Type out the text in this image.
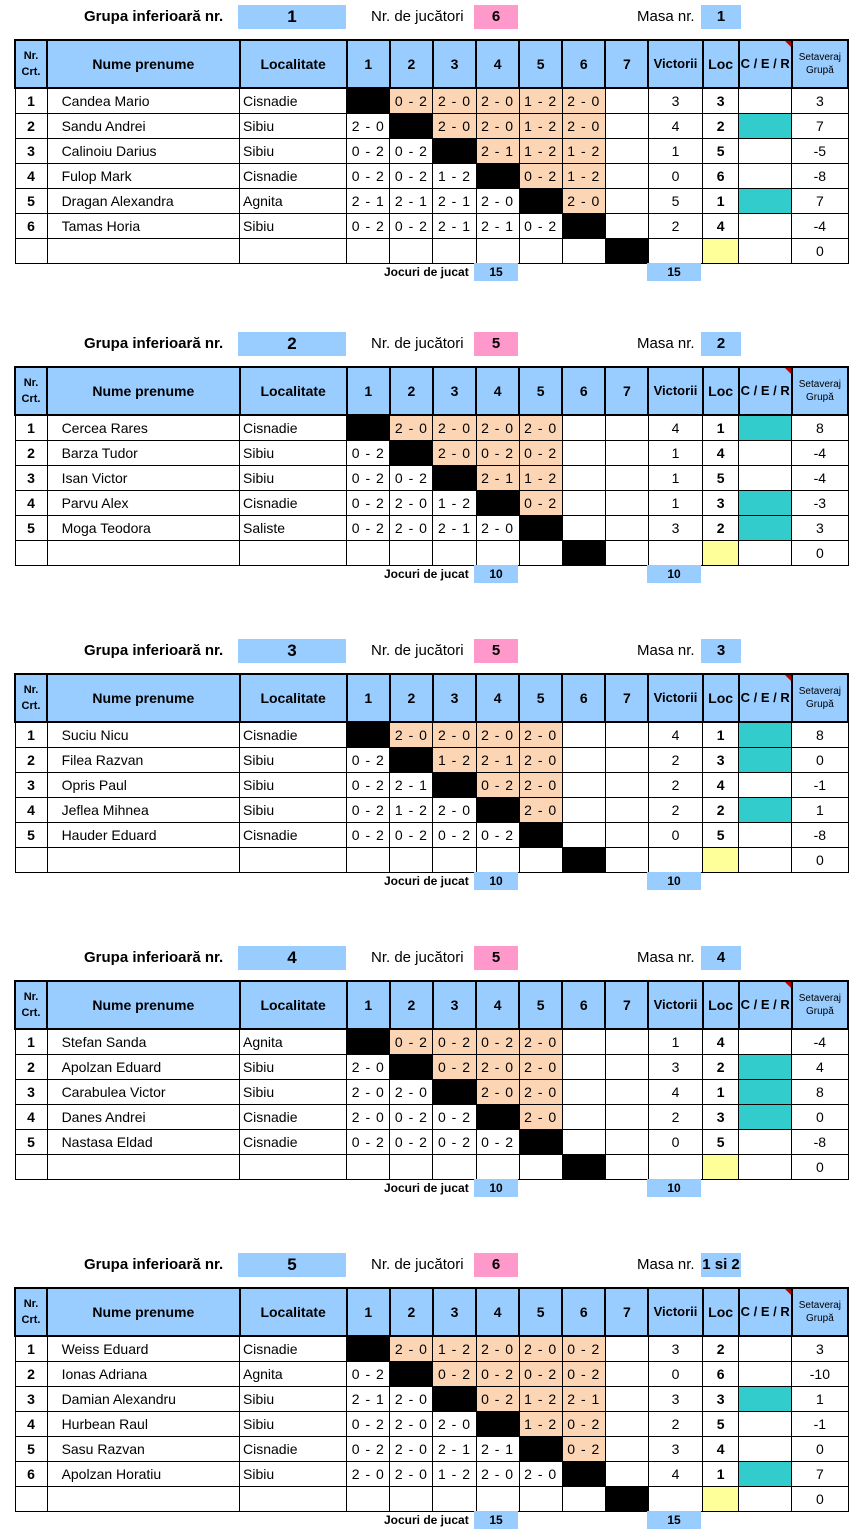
Grupa inferioară nr.	1	Nr. de jucători	6	Masa nr.	1
Nr. Crt.	Nume prenume	Localitate	1	2	3	4	5	6	7	Victorii	Loc	C / E / R	Setaveraj Grupă
1	Candea Mario	Cisnadie		0 - 2	2 - 0	2 - 0	1 - 2	2 - 0		3	3		3
2	Sandu Andrei	Sibiu	2 - 0		2 - 0	2 - 0	1 - 2	2 - 0		4	2		7
3	Calinoiu Darius	Sibiu	0 - 2	0 - 2		2 - 1	1 - 2	1 - 2		1	5		-5
4	Fulop Mark	Cisnadie	0 - 2	0 - 2	1 - 2		0 - 2	1 - 2		0	6		-8
5	Dragan Alexandra	Agnita	2 - 1	2 - 1	2 - 1	2 - 0		2 - 0		5	1		7
6	Tamas Horia	Sibiu	0 - 2	0 - 2	2 - 1	2 - 1	0 - 2			2	4		-4
													0
Jocuri de jucat	15	15
Grupa inferioară nr.	2	Nr. de jucători	5	Masa nr.	2
Nr. Crt.	Nume prenume	Localitate	1	2	3	4	5	6	7	Victorii	Loc	C / E / R	Setaveraj Grupă
1	Cercea Rares	Cisnadie		2 - 0	2 - 0	2 - 0	2 - 0			4	1		8
2	Barza Tudor	Sibiu	0 - 2		2 - 0	0 - 2	0 - 2			1	4		-4
3	Isan Victor	Sibiu	0 - 2	0 - 2		2 - 1	1 - 2			1	5		-4
4	Parvu Alex	Cisnadie	0 - 2	2 - 0	1 - 2		0 - 2			1	3		-3
5	Moga Teodora	Saliste	0 - 2	2 - 0	2 - 1	2 - 0				3	2		3
													0
Jocuri de jucat	10	10
Grupa inferioară nr.	3	Nr. de jucători	5	Masa nr.	3
Nr. Crt.	Nume prenume	Localitate	1	2	3	4	5	6	7	Victorii	Loc	C / E / R	Setaveraj Grupă
1	Suciu Nicu	Cisnadie		2 - 0	2 - 0	2 - 0	2 - 0			4	1		8
2	Filea Razvan	Sibiu	0 - 2		1 - 2	2 - 1	2 - 0			2	3		0
3	Opris Paul	Sibiu	0 - 2	2 - 1		0 - 2	2 - 0			2	4		-1
4	Jeflea Mihnea	Sibiu	0 - 2	1 - 2	2 - 0		2 - 0			2	2		1
5	Hauder Eduard	Cisnadie	0 - 2	0 - 2	0 - 2	0 - 2				0	5		-8
													0
Jocuri de jucat	10	10
Grupa inferioară nr.	4	Nr. de jucători	5	Masa nr.	4
Nr. Crt.	Nume prenume	Localitate	1	2	3	4	5	6	7	Victorii	Loc	C / E / R	Setaveraj Grupă
1	Stefan Sanda	Agnita		0 - 2	0 - 2	0 - 2	2 - 0			1	4		-4
2	Apolzan Eduard	Sibiu	2 - 0		0 - 2	2 - 0	2 - 0			3	2		4
3	Carabulea Victor	Sibiu	2 - 0	2 - 0		2 - 0	2 - 0			4	1		8
4	Danes Andrei	Cisnadie	2 - 0	0 - 2	0 - 2		2 - 0			2	3		0
5	Nastasa Eldad	Cisnadie	0 - 2	0 - 2	0 - 2	0 - 2				0	5		-8
													0
Jocuri de jucat	10	10
Grupa inferioară nr.	5	Nr. de jucători	6	Masa nr. 1 si 2
Nr. Crt.	Nume prenume	Localitate	1	2	3	4	5	6	7	Victorii	Loc	C / E / R	Setaveraj Grupă
1	Weiss Eduard	Cisnadie		2 - 0	1 - 2	2 - 0	2 - 0	0 - 2		3	2		3
2	Ionas Adriana	Agnita	0 - 2		0 - 2	0 - 2	0 - 2	0 - 2		0	6		-10
3	Damian Alexandru	Sibiu	2 - 1	2 - 0		0 - 2	1 - 2	2 - 1		3	3		1
4	Hurbean Raul	Sibiu	0 - 2	2 - 0	2 - 0		1 - 2	0 - 2		2	5		-1
5	Sasu Razvan	Cisnadie	0 - 2	2 - 0	2 - 1	2 - 1		0 - 2		3	4		0
6	Apolzan Horatiu	Sibiu	2 - 0	2 - 0	1 - 2	2 - 0	2 - 0			4	1		7
													0
Jocuri de jucat	15	15
